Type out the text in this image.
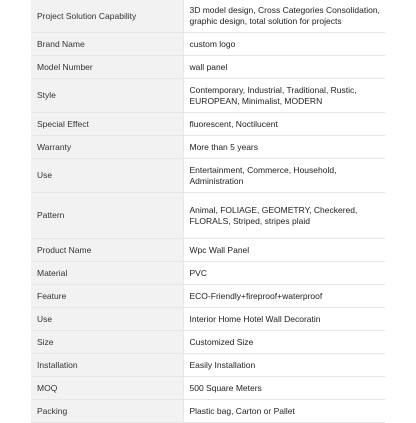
Project Solution Capability	3D model design, Cross Categories Consolidation, graphic design, total solution for projects
Brand Name	custom logo
Model Number	wall panel
Style	Contemporary, Industrial, Traditional, Rustic, EUROPEAN, Minimalist, MODERN
Special Effect	fluorescent, Noctilucent
Warranty	More than 5 years
Use	Entertainment, Commerce, Household, Administration
Pattern	Animal, FOLIAGE, GEOMETRY, Checkered, FLORALS, Striped, stripes plaid
Product Name	Wpc Wall Panel
Material	PVC
Feature	ECO-Friendly+fireproof+waterproof
Use	Interior Home Hotel Wall Decoratin
Size	Customized Size
Installation	Easily Installation
MOQ	500 Square Meters
Packing	Plastic bag, Carton or Pallet
